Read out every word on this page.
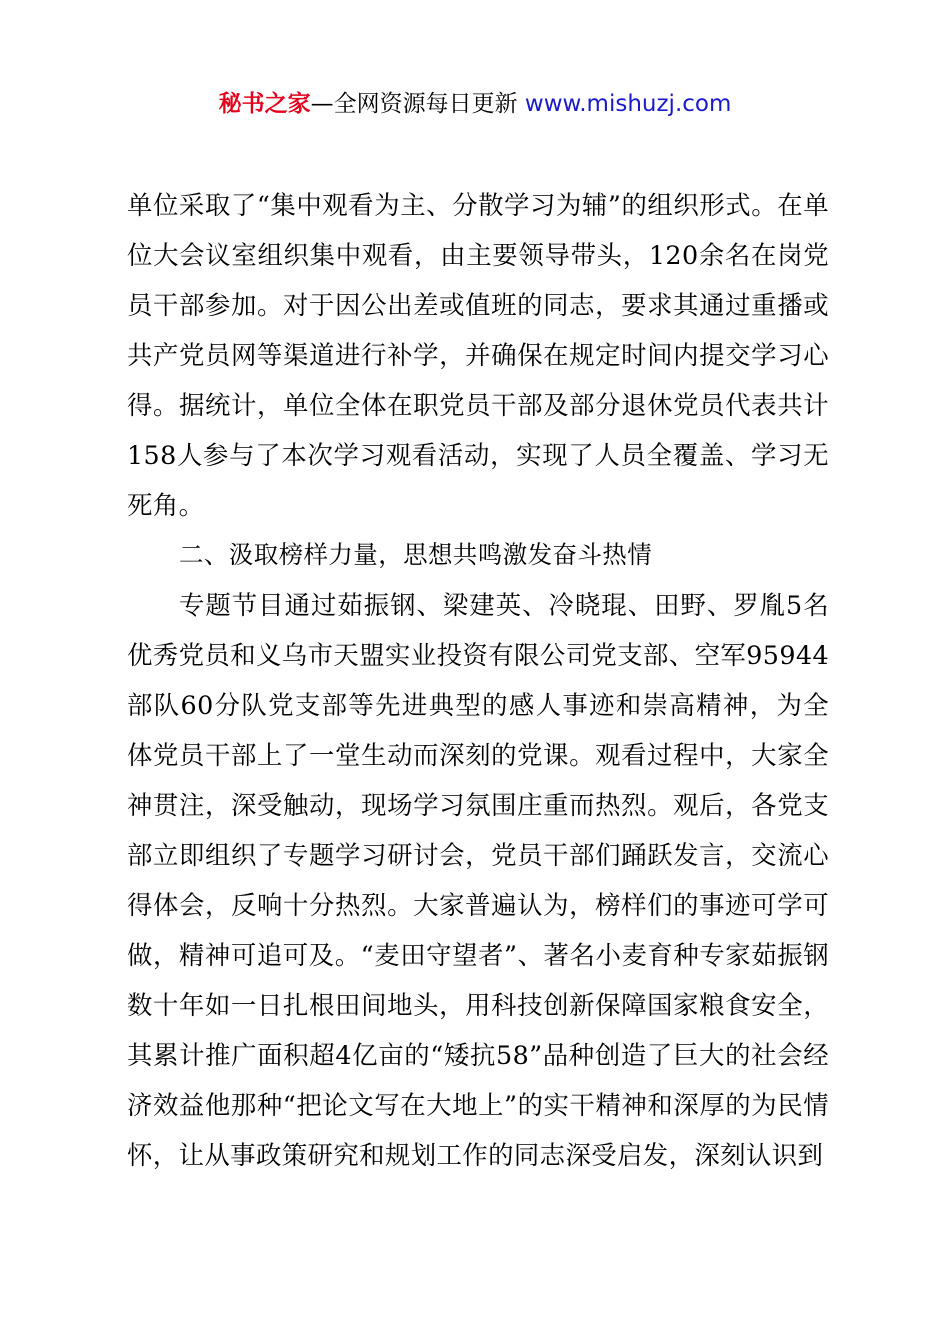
秘书之家—全网资源每日更新 www.mishuzj.com

单位采取了“集中观看为主、分散学习为辅”的组织形式。在单位大会议室组织集中观看，由主要领导带头，120余名在岗党员干部参加。对于因公出差或值班的同志，要求其通过重播或共产党员网等渠道进行补学，并确保在规定时间内提交学习心得。据统计，单位全体在职党员干部及部分退休党员代表共计158人参与了本次学习观看活动，实现了人员全覆盖、学习无死角。

二、汲取榜样力量，思想共鸣激发奋斗热情

专题节目通过茹振钢、梁建英、冷晓琨、田野、罗胤5名优秀党员和义乌市天盟实业投资有限公司党支部、空军95944部队60分队党支部等先进典型的感人事迹和崇高精神，为全体党员干部上了一堂生动而深刻的党课。观看过程中，大家全神贯注，深受触动，现场学习氛围庄重而热烈。观后，各党支部立即组织了专题学习研讨会，党员干部们踊跃发言，交流心得体会，反响十分热烈。大家普遍认为，榜样们的事迹可学可做，精神可追可及。“麦田守望者”、著名小麦育种专家茹振钢数十年如一日扎根田间地头，用科技创新保障国家粮食安全，其累计推广面积超4亿亩的“矮抗58”品种创造了巨大的社会经济效益他那种“把论文写在大地上”的实干精神和深厚的为民情怀，让从事政策研究和规划工作的同志深受启发，深刻认识到
